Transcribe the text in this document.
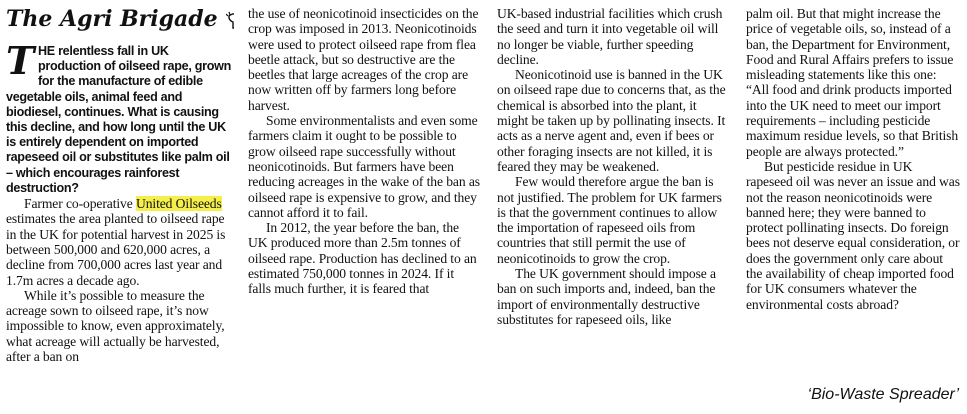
The Agri Brigade
THE relentless fall in UK production of oilseed rape, grown for the manufacture of edible vegetable oils, animal feed and biodiesel, continues. What is causing this decline, and how long until the UK is entirely dependent on imported rapeseed oil or substitutes like palm oil – which encourages rainforest destruction?

Farmer co-operative United Oilseeds estimates the area planted to oilseed rape in the UK for potential harvest in 2025 is between 500,000 and 620,000 acres, a decline from 700,000 acres last year and 1.7m acres a decade ago.

While it’s possible to measure the acreage sown to oilseed rape, it’s now impossible to know, even approximately, what acreage will actually be harvested, after a ban on

the use of neonicotinoid insecticides on the crop was imposed in 2013. Neonicotinoids were used to protect oilseed rape from flea beetle attack, but so destructive are the beetles that large acreages of the crop are now written off by farmers long before harvest.

Some environmentalists and even some farmers claim it ought to be possible to grow oilseed rape successfully without neonicotinoids. But farmers have been reducing acreages in the wake of the ban as oilseed rape is expensive to grow, and they cannot afford it to fail.

In 2012, the year before the ban, the UK produced more than 2.5m tonnes of oilseed rape. Production has declined to an estimated 750,000 tonnes in 2024. If it falls much further, it is feared that

UK-based industrial facilities which crush the seed and turn it into vegetable oil will no longer be viable, further speeding decline.

Neonicotinoid use is banned in the UK on oilseed rape due to concerns that, as the chemical is absorbed into the plant, it might be taken up by pollinating insects. It acts as a nerve agent and, even if bees or other foraging insects are not killed, it is feared they may be weakened.

Few would therefore argue the ban is not justified. The problem for UK farmers is that the government continues to allow the importation of rapeseed oils from countries that still permit the use of neonicotinoids to grow the crop.

The UK government should impose a ban on such imports and, indeed, ban the import of environmentally destructive substitutes for rapeseed oils, like

palm oil. But that might increase the price of vegetable oils, so, instead of a ban, the Department for Environment, Food and Rural Affairs prefers to issue misleading statements like this one: “All food and drink products imported into the UK need to meet our import requirements – including pesticide maximum residue levels, so that British people are always protected.”

But pesticide residue in UK rapeseed oil was never an issue and was not the reason neonicotinoids were banned here; they were banned to protect pollinating insects. Do foreign bees not deserve equal consideration, or does the government only care about the availability of cheap imported food for UK consumers whatever the environmental costs abroad?

‘Bio-Waste Spreader’
